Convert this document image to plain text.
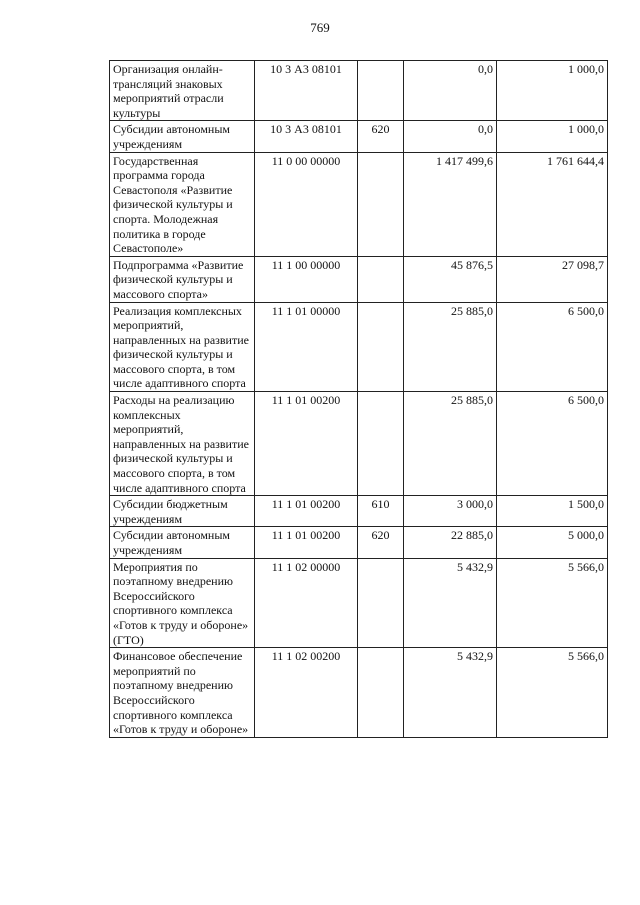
769
Организация онлайн-трансляций знаковых мероприятий отрасли культуры	10 3 А3 08101		0,0	1 000,0
Субсидии автономным учреждениям	10 3 А3 08101	620	0,0	1 000,0
Государственная программа города Севастополя «Развитие физической культуры и спорта. Молодежная политика в городе Севастополе»	11 0 00 00000		1 417 499,6	1 761 644,4
Подпрограмма «Развитие физической культуры и массового спорта»	11 1 00 00000		45 876,5	27 098,7
Реализация комплексных мероприятий, направленных на развитие физической культуры и массового спорта, в том числе адаптивного спорта	11 1 01 00000		25 885,0	6 500,0
Расходы на реализацию комплексных мероприятий, направленных на развитие физической культуры и массового спорта, в том числе адаптивного спорта	11 1 01 00200		25 885,0	6 500,0
Субсидии бюджетным учреждениям	11 1 01 00200	610	3 000,0	1 500,0
Субсидии автономным учреждениям	11 1 01 00200	620	22 885,0	5 000,0
Мероприятия по поэтапному внедрению Всероссийского спортивного комплекса «Готов к труду и обороне» (ГТО)	11 1 02 00000		5 432,9	5 566,0
Финансовое обеспечение мероприятий по поэтапному внедрению Всероссийского спортивного комплекса «Готов к труду и обороне»	11 1 02 00200		5 432,9	5 566,0
